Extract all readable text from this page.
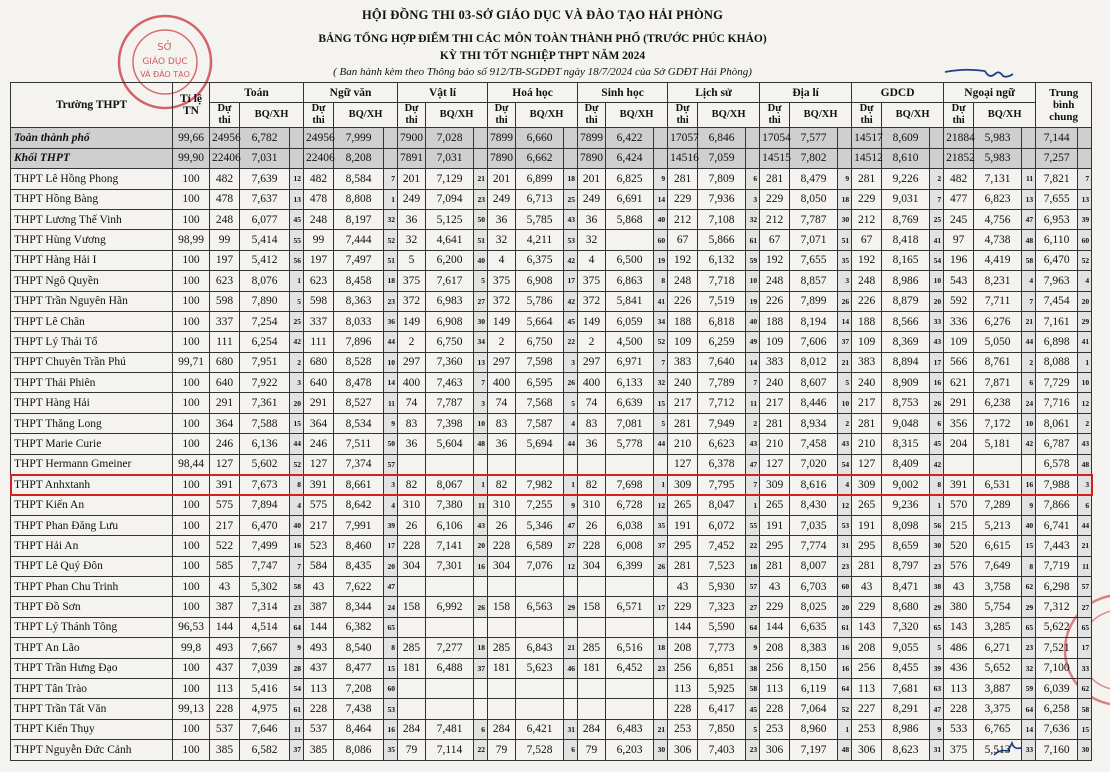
SỞ
GIÁO DỤC
VÀ ĐÀO TẠO
HỘI ĐỒNG THI 03-SỞ GIÁO DỤC VÀ ĐÀO TẠO HẢI PHÒNG
BẢNG TỔNG HỢP ĐIỂM THI CÁC MÔN TOÀN THÀNH PHỐ (TRƯỚC PHÚC KHẢO)
KỲ THI TỐT NGHIỆP THPT NĂM 2024
( Ban hành kèm theo Thông báo số 912/TB-SGDĐT ngày 18/7/2024 của Sở GDĐT Hải Phòng)
Trường THPT	Tỉ lệ TN	Toán			Ngữ văn			Vật lí			Hoá học			Sinh học			Lịch sử			Địa lí			GDCD			Ngoại ngữ			Trung bình chung	
		Dự thi	BQ/XH		Dự thi	BQ/XH		Dự thi	BQ/XH		Dự thi	BQ/XH		Dự thi	BQ/XH		Dự thi	BQ/XH		Dự thi	BQ/XH		Dự thi	BQ/XH		Dự thi	BQ/XH			
Toàn thành phố	99,66	24956	6,782		24956	7,999		7900	7,028		7899	6,660		7899	6,422		17057	6,846		17054	7,577		14517	8,609		21884	5,983		7,144	
Khối THPT	99,90	22406	7,031		22406	8,208		7891	7,031		7890	6,662		7890	6,424		14516	7,059		14515	7,802		14512	8,610		21852	5,983		7,257	
THPT Lê Hồng Phong	100	482	7,639	12	482	8,584	7	201	7,129	21	201	6,899	18	201	6,825	9	281	7,809	6	281	8,479	9	281	9,226	2	482	7,131	11	7,821	7
THPT Hồng Bàng	100	478	7,637	13	478	8,808	1	249	7,094	23	249	6,713	25	249	6,691	14	229	7,936	3	229	8,050	18	229	9,031	7	477	6,823	13	7,655	13
THPT Lương Thế Vinh	100	248	6,077	45	248	8,197	32	36	5,125	50	36	5,785	43	36	5,868	40	212	7,108	32	212	7,787	30	212	8,769	25	245	4,756	47	6,953	39
THPT Hùng Vương	98,99	99	5,414	55	99	7,444	52	32	4,641	51	32	4,211	53	32		60	67	5,866	61	67	7,071	51	67	8,418	41	97	4,738	48	6,110	60
THPT Hàng Hải I	100	197	5,412	56	197	7,497	51	5	6,200	40	4	6,375	42	4	6,500	19	192	6,132	59	192	7,655	35	192	8,165	54	196	4,419	58	6,470	52
THPT Ngô Quyền	100	623	8,076	1	623	8,458	18	375	7,617	5	375	6,908	17	375	6,863	8	248	7,718	10	248	8,857	3	248	8,986	10	543	8,231	4	7,963	4
THPT Trần Nguyên Hãn	100	598	7,890	5	598	8,363	23	372	6,983	27	372	5,786	42	372	5,841	41	226	7,519	19	226	7,899	26	226	8,879	20	592	7,711	7	7,454	20
THPT Lê Chân	100	337	7,254	25	337	8,033	36	149	6,908	30	149	5,664	45	149	6,059	34	188	6,818	40	188	8,194	14	188	8,566	33	336	6,276	21	7,161	29
THPT Lý Thái Tổ	100	111	6,254	42	111	7,896	44	2	6,750	34	2	6,750	22	2	4,500	52	109	6,259	49	109	7,606	37	109	8,369	43	109	5,050	44	6,898	41
THPT Chuyên Trần Phú	99,71	680	7,951	2	680	8,528	10	297	7,360	13	297	7,598	3	297	6,971	7	383	7,640	14	383	8,012	21	383	8,894	17	566	8,761	2	8,088	1
THPT Thái Phiên	100	640	7,922	3	640	8,478	14	400	7,463	7	400	6,595	26	400	6,133	32	240	7,789	7	240	8,607	5	240	8,909	16	621	7,871	6	7,729	10
THPT Hàng Hải	100	291	7,361	20	291	8,527	11	74	7,787	3	74	7,568	5	74	6,639	15	217	7,712	11	217	8,446	10	217	8,753	26	291	6,238	24	7,716	12
THPT Thăng Long	100	364	7,588	15	364	8,534	9	83	7,398	10	83	7,587	4	83	7,081	5	281	7,949	2	281	8,934	2	281	9,048	6	356	7,172	10	8,061	2
THPT Marie Curie	100	246	6,136	44	246	7,511	50	36	5,604	48	36	5,694	44	36	5,778	44	210	6,623	43	210	7,458	43	210	8,315	45	204	5,181	42	6,787	43
THPT Hermann Gmeiner	98,44	127	5,602	52	127	7,374	57										127	6,378	47	127	7,020	54	127	8,409	42				6,578	48
THPT Anhxtanh	100	391	7,673	8	391	8,661	3	82	8,067	1	82	7,982	1	82	7,698	1	309	7,795	7	309	8,616	4	309	9,002	8	391	6,531	16	7,988	3
THPT Kiến An	100	575	7,894	4	575	8,642	4	310	7,380	11	310	7,255	9	310	6,728	12	265	8,047	1	265	8,430	12	265	9,236	1	570	7,289	9	7,866	6
THPT Phan Đăng Lưu	100	217	6,470	40	217	7,991	39	26	6,106	43	26	5,346	47	26	6,038	35	191	6,072	55	191	7,035	53	191	8,098	56	215	5,213	40	6,741	44
THPT Hải An	100	522	7,499	16	523	8,460	17	228	7,141	20	228	6,589	27	228	6,008	37	295	7,452	22	295	7,774	31	295	8,659	30	520	6,615	15	7,443	21
THPT Lê Quý Đôn	100	585	7,747	7	584	8,435	20	304	7,301	16	304	7,076	12	304	6,399	26	281	7,523	18	281	8,007	23	281	8,797	23	576	7,649	8	7,719	11
THPT Phan Chu Trinh	100	43	5,302	58	43	7,622	47										43	5,930	57	43	6,703	60	43	8,471	38	43	3,758	62	6,298	57
THPT Đồ Sơn	100	387	7,314	23	387	8,344	24	158	6,992	26	158	6,563	29	158	6,571	17	229	7,323	27	229	8,025	20	229	8,680	29	380	5,754	29	7,312	27
THPT Lý Thánh Tông	96,53	144	4,514	64	144	6,382	65										144	5,590	64	144	6,635	61	143	7,320	65	143	3,285	65	5,622	65
THPT An Lão	99,8	493	7,667	9	493	8,540	8	285	7,277	18	285	6,843	21	285	6,516	18	208	7,773	9	208	8,383	16	208	9,055	5	486	6,271	23	7,521	17
THPT Trần Hưng Đạo	100	437	7,039	28	437	8,477	15	181	6,488	37	181	5,623	46	181	6,452	23	256	6,851	38	256	8,150	16	256	8,455	39	436	5,652	32	7,100	33
THPT Tân Trào	100	113	5,416	54	113	7,208	60										113	5,925	58	113	6,119	64	113	7,681	63	113	3,887	59	6,039	62
THPT Trần Tất Văn	99,13	228	4,975	61	228	7,438	53										228	6,417	45	228	7,064	52	227	8,291	47	228	3,375	64	6,258	58
THPT Kiến Thụy	100	537	7,646	11	537	8,464	16	284	7,481	6	284	6,421	31	284	6,483	21	253	7,850	5	253	8,960	1	253	8,986	9	533	6,765	14	7,636	15
THPT Nguyễn Đức Cảnh	100	385	6,582	37	385	8,086	35	79	7,114	22	79	7,528	6	79	6,203	30	306	7,403	23	306	7,197	48	306	8,623	31	375	5,513	33	7,160	30
